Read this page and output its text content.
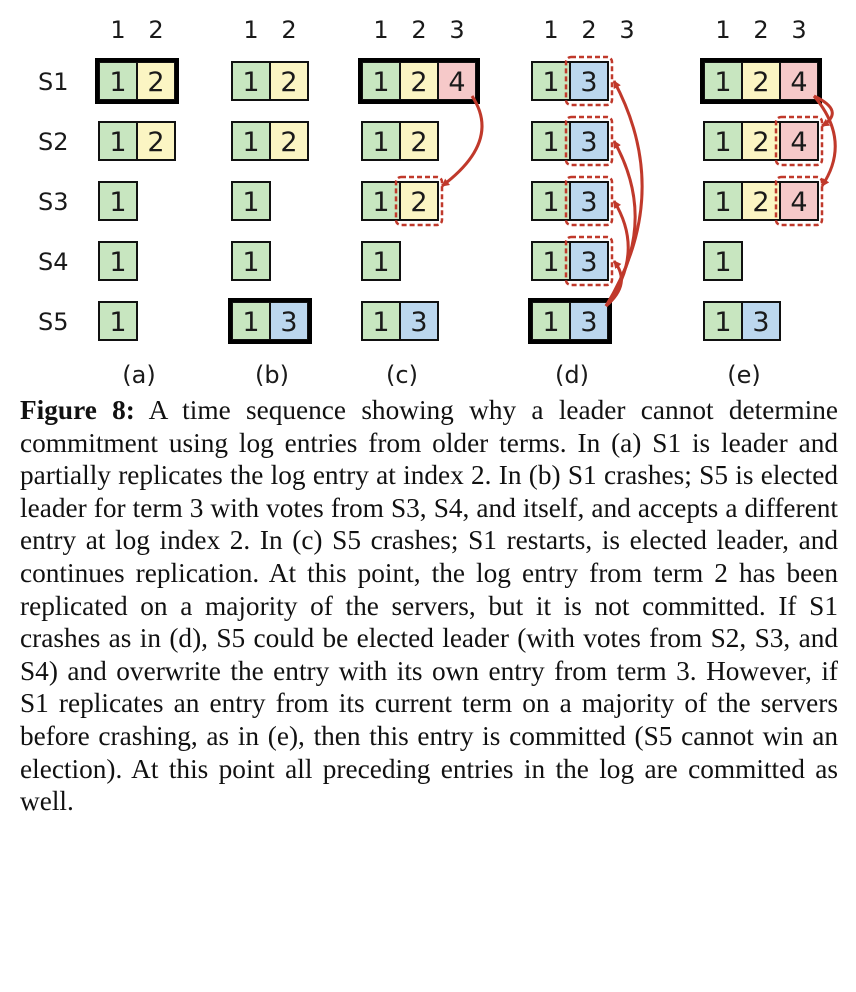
S1
S2
S3
S4
S5
1 2
1 2
1 2
1
1
1
(a)
1 2
1 2
1 2
1
1
1 3
(b)
1 2 3
1 2 4
1 2
1 2
1
1 3
(c)
1 2 3
1 3
1 3
1 3
1 3
1 3
(d)
1 2 3
1 2 4
1 2 4
1 2 4
1
1 3
(e)

Figure 8: A time sequence showing why a leader cannot determine commitment using log entries from older terms. In (a) S1 is leader and partially replicates the log entry at index 2. In (b) S1 crashes; S5 is elected leader for term 3 with votes from S3, S4, and itself, and accepts a different entry at log index 2. In (c) S5 crashes; S1 restarts, is elected leader, and continues replication. At this point, the log entry from term 2 has been replicated on a majority of the servers, but it is not committed. If S1 crashes as in (d), S5 could be elected leader (with votes from S2, S3, and S4) and overwrite the entry with its own entry from term 3. However, if S1 replicates an entry from its current term on a majority of the servers before crashing, as in (e), then this entry is committed (S5 cannot win an election). At this point all preceding entries in the log are committed as well.
